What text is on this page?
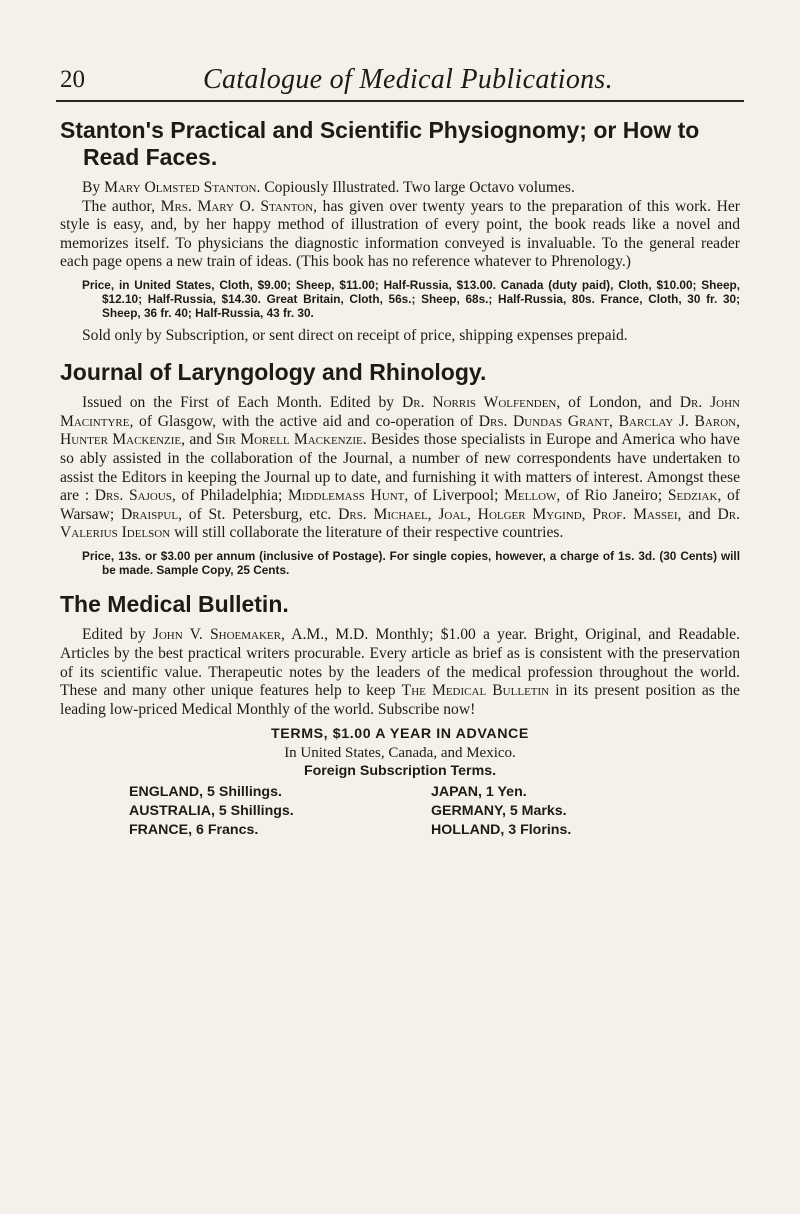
20	Catalogue of Medical Publications.
Stanton's Practical and Scientific Physiognomy; or How to Read Faces.

By Mary Olmsted Stanton. Copiously Illustrated. Two large Octavo volumes.

The author, Mrs. Mary O. Stanton, has given over twenty years to the preparation of this work. Her style is easy, and, by her happy method of illustration of every point, the book reads like a novel and memorizes itself. To physicians the diagnostic information conveyed is invaluable. To the general reader each page opens a new train of ideas. (This book has no reference whatever to Phrenology.)

Price, in United States, Cloth, $9.00; Sheep, $11.00; Half-Russia, $13.00. Canada (duty paid), Cloth, $10.00; Sheep, $12.10; Half-Russia, $14.30. Great Britain, Cloth, 56s.; Sheep, 68s.; Half-Russia, 80s. France, Cloth, 30 fr. 30; Sheep, 36 fr. 40; Half-Russia, 43 fr. 30.

Sold only by Subscription, or sent direct on receipt of price, shipping expenses prepaid.

Journal of Laryngology and Rhinology.

Issued on the First of Each Month. Edited by Dr. Norris Wolfenden, of London, and Dr. John Macintyre, of Glasgow, with the active aid and co-operation of Drs. Dundas Grant, Barclay J. Baron, Hunter Mackenzie, and Sir Morell Mackenzie. Besides those specialists in Europe and America who have so ably assisted in the collaboration of the Journal, a number of new correspondents have undertaken to assist the Editors in keeping the Journal up to date, and furnishing it with matters of interest. Amongst these are : Drs. Sajous, of Philadelphia; Middlemass Hunt, of Liverpool; Mellow, of Rio Janeiro; Sedziak, of Warsaw; Draispul, of St. Petersburg, etc. Drs. Michael, Joal, Holger Mygind, Prof. Massei, and Dr. Valerius Idelson will still collaborate the literature of their respective countries.

Price, 13s. or $3.00 per annum (inclusive of Postage). For single copies, however, a charge of 1s. 3d. (30 Cents) will be made. Sample Copy, 25 Cents.
The Medical Bulletin.

Edited by John V. Shoemaker, A.M., M.D. Monthly; $1.00 a year. Bright, Original, and Readable. Articles by the best practical writers procurable. Every article as brief as is consistent with the preservation of its scientific value. Therapeutic notes by the leaders of the medical profession throughout the world. These and many other unique features help to keep The Medical Bulletin in its present position as the leading low-priced Medical Monthly of the world. Subscribe now!

TERMS, $1.00 A YEAR IN ADVANCE
In United States, Canada, and Mexico.
Foreign Subscription Terms.
ENGLAND, 5 Shillings.	JAPAN, 1 Yen.
AUSTRALIA, 5 Shillings.	GERMANY, 5 Marks.
FRANCE, 6 Francs.	HOLLAND, 3 Florins.
